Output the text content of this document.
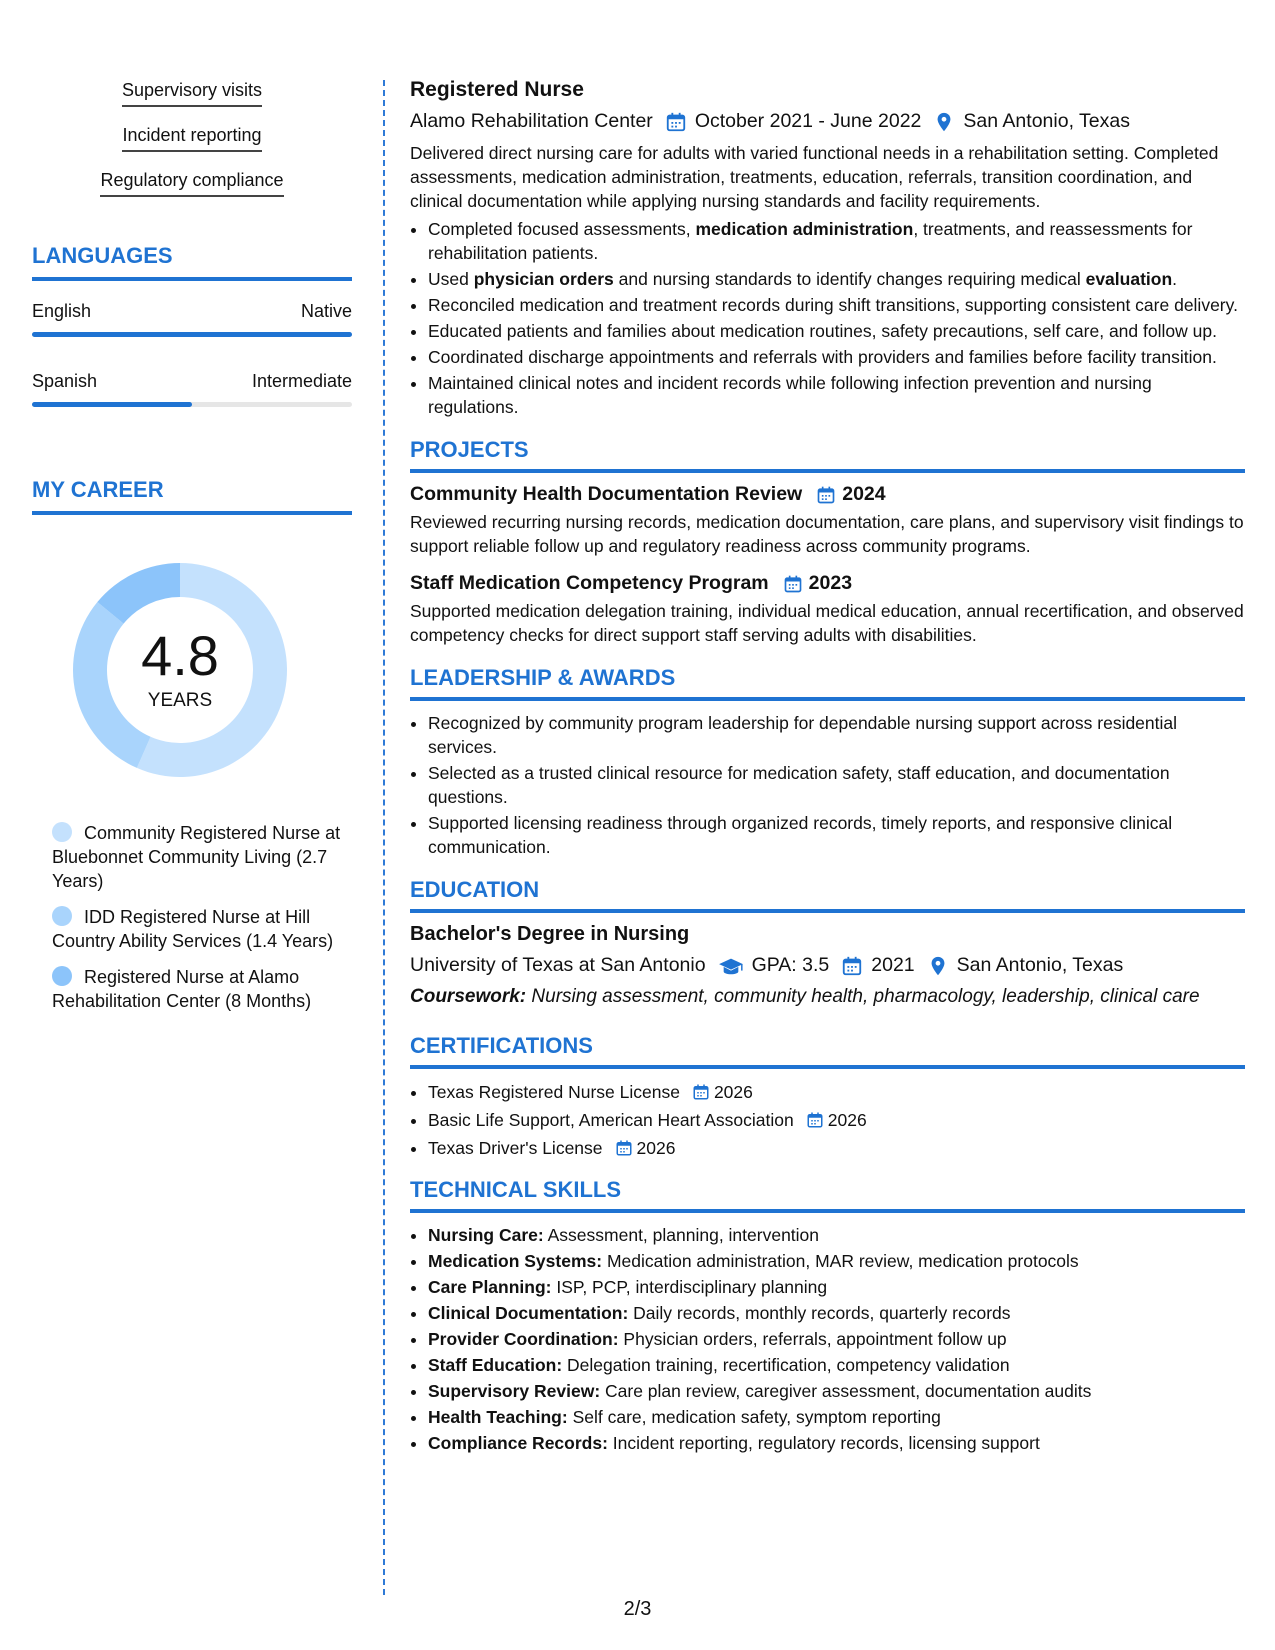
Supervisory visits
Incident reporting
Regulatory compliance
LANGUAGES
English	Native
Spanish	Intermediate
MY CAREER
4.8
YEARS
Community Registered Nurse at Bluebonnet Community Living (2.7 Years)
IDD Registered Nurse at Hill Country Ability Services (1.4 Years)
Registered Nurse at Alamo Rehabilitation Center (8 Months)
Registered Nurse
Alamo Rehabilitation Center October 2021 - June 2022 San Antonio, Texas
Delivered direct nursing care for adults with varied functional needs in a rehabilitation setting. Completed assessments, medication administration, treatments, education, referrals, transition coordination, and clinical documentation while applying nursing standards and facility requirements.
• Completed focused assessments, medication administration, treatments, and reassessments for rehabilitation patients.
• Used physician orders and nursing standards to identify changes requiring medical evaluation.
• Reconciled medication and treatment records during shift transitions, supporting consistent care delivery.
• Educated patients and families about medication routines, safety precautions, self care, and follow up.
• Coordinated discharge appointments and referrals with providers and families before facility transition.
• Maintained clinical notes and incident records while following infection prevention and nursing regulations.
PROJECTS
Community Health Documentation Review 2024
Reviewed recurring nursing records, medication documentation, care plans, and supervisory visit findings to support reliable follow up and regulatory readiness across community programs.
Staff Medication Competency Program 2023
Supported medication delegation training, individual medical education, annual recertification, and observed competency checks for direct support staff serving adults with disabilities.
LEADERSHIP & AWARDS
• Recognized by community program leadership for dependable nursing support across residential services.
• Selected as a trusted clinical resource for medication safety, staff education, and documentation questions.
• Supported licensing readiness through organized records, timely reports, and responsive clinical communication.
EDUCATION
Bachelor's Degree in Nursing
University of Texas at San Antonio GPA: 3.5 2021 San Antonio, Texas
Coursework: Nursing assessment, community health, pharmacology, leadership, clinical care
CERTIFICATIONS
• Texas Registered Nurse License 2026
• Basic Life Support, American Heart Association 2026
• Texas Driver's License 2026
TECHNICAL SKILLS
• Nursing Care: Assessment, planning, intervention
• Medication Systems: Medication administration, MAR review, medication protocols
• Care Planning: ISP, PCP, interdisciplinary planning
• Clinical Documentation: Daily records, monthly records, quarterly records
• Provider Coordination: Physician orders, referrals, appointment follow up
• Staff Education: Delegation training, recertification, competency validation
• Supervisory Review: Care plan review, caregiver assessment, documentation audits
• Health Teaching: Self care, medication safety, symptom reporting
• Compliance Records: Incident reporting, regulatory records, licensing support
2/3
